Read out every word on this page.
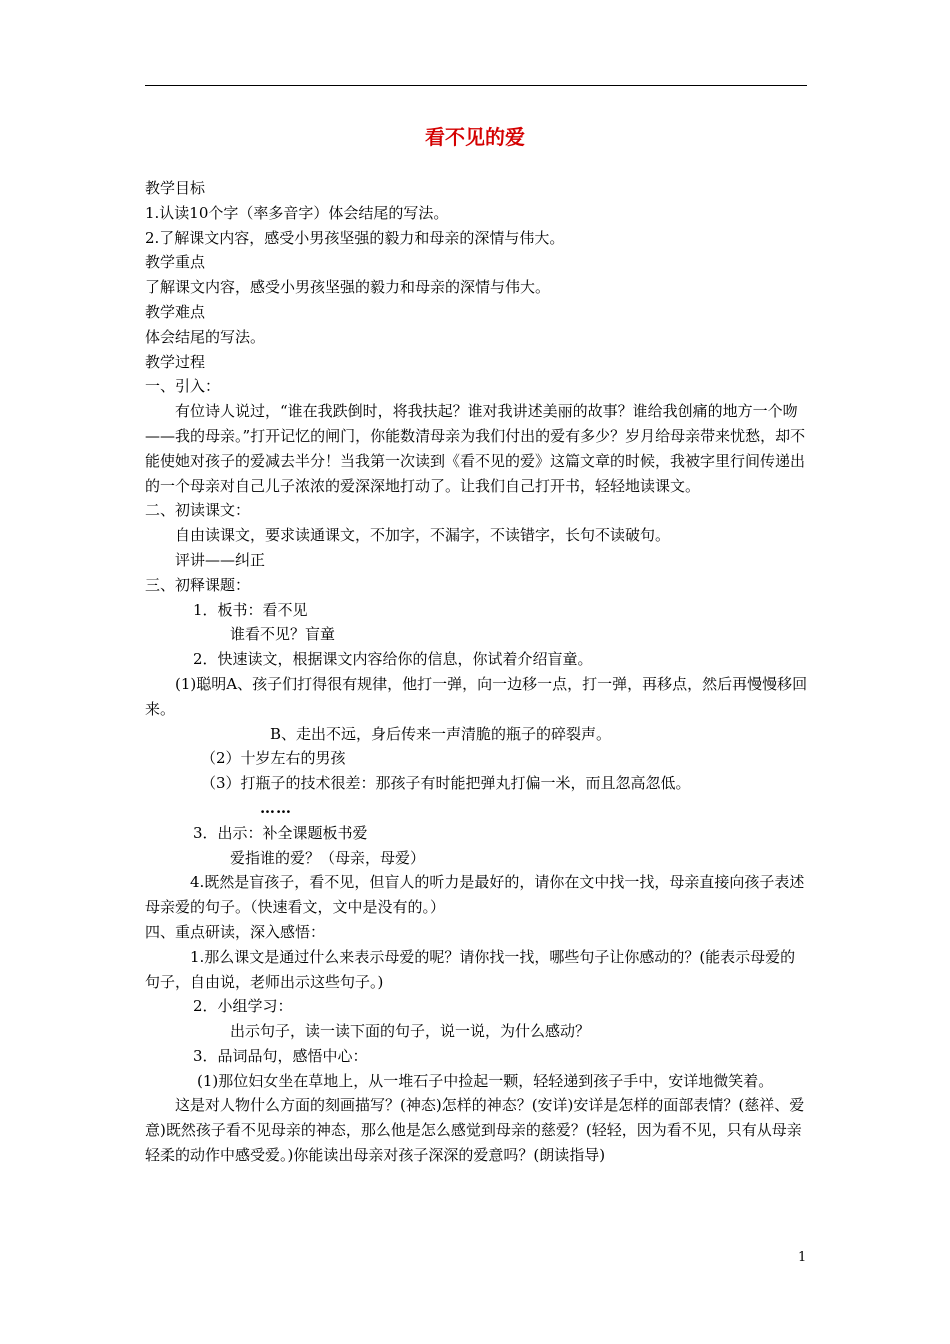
看不见的爱

教学目标

1.认读10个字（率多音字）体会结尾的写法。

2.了解课文内容，感受小男孩坚强的毅力和母亲的深情与伟大。

教学重点

了解课文内容，感受小男孩坚强的毅力和母亲的深情与伟大。

教学难点

体会结尾的写法。

教学过程

一、引入：

有位诗人说过，“谁在我跌倒时，将我扶起？谁对我讲述美丽的故事？谁给我创痛的地方一个吻——我的母亲。”打开记忆的闸门，你能数清母亲为我们付出的爱有多少？岁月给母亲带来忧愁，却不能使她对孩子的爱减去半分！当我第一次读到《看不见的爱》这篇文章的时候，我被字里行间传递出的一个母亲对自己儿子浓浓的爱深深地打动了。让我们自己打开书，轻轻地读课文。

二、初读课文：

自由读课文，要求读通课文，不加字，不漏字，不读错字，长句不读破句。

评讲——纠正

三、初释课题：

1．板书：看不见

谁看不见？盲童

2．快速读文，根据课文内容给你的信息，你试着介绍盲童。

(1)聪明A、孩子们打得很有规律，他打一弹，向一边移一点，打一弹，再移点，然后再慢慢移回来。

B、走出不远，身后传来一声清脆的瓶子的碎裂声。

（2）十岁左右的男孩

（3）打瓶子的技术很差：那孩子有时能把弹丸打偏一米，而且忽高忽低。

……

3．出示：补全课题板书爱

爱指谁的爱？（母亲，母爱）

4.既然是盲孩子，看不见，但盲人的听力是最好的，请你在文中找一找，母亲直接向孩子表述母亲爱的句子。（快速看文，文中是没有的。）

四、重点研读，深入感悟：

1.那么课文是通过什么来表示母爱的呢？请你找一找，哪些句子让你感动的？(能表示母爱的句子，自由说，老师出示这些句子。)

2．小组学习：

出示句子，读一读下面的句子，说一说，为什么感动？

3．品词品句，感悟中心：

(1)那位妇女坐在草地上，从一堆石子中捡起一颗，轻轻递到孩子手中，安详地微笑着。

这是对人物什么方面的刻画描写？(神态)怎样的神态？(安详)安详是怎样的面部表情？(慈祥、爱意)既然孩子看不见母亲的神态，那么他是怎么感觉到母亲的慈爱？(轻轻，因为看不见，只有从母亲轻柔的动作中感受爱。)你能读出母亲对孩子深深的爱意吗？(朗读指导)

1
